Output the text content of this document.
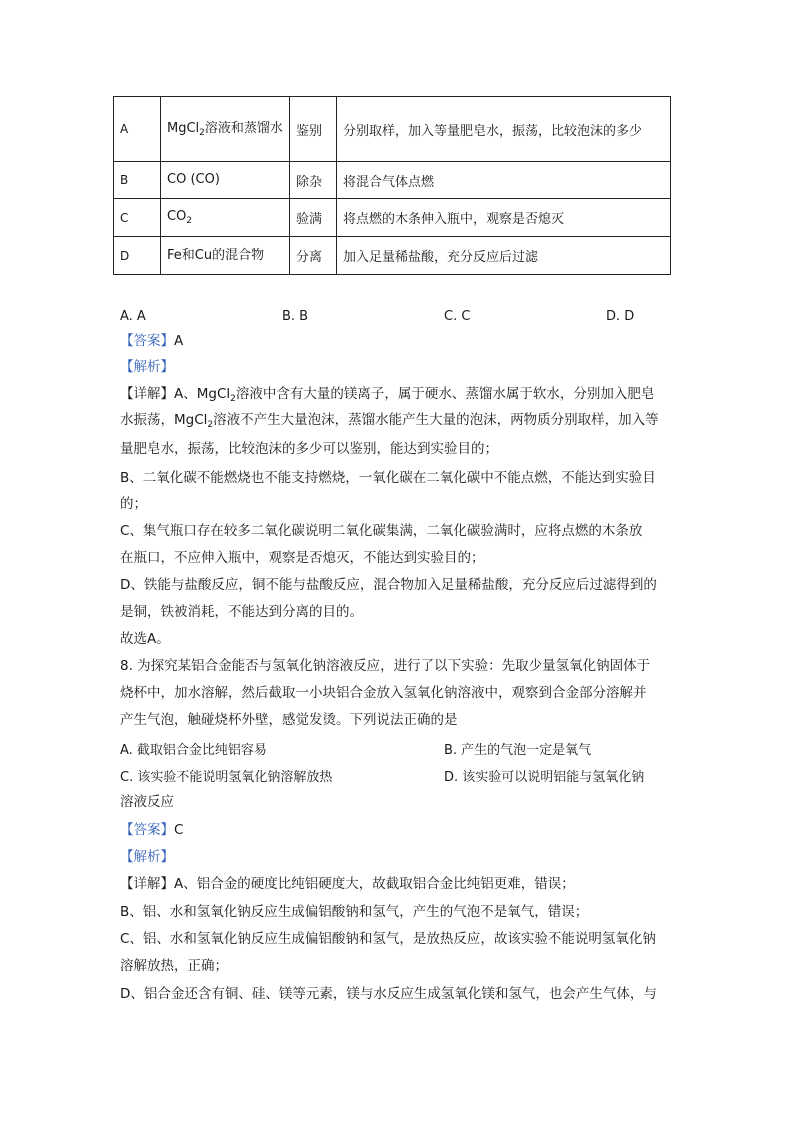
A	MgCl$_2$溶液和蒸馏水	鉴别	分别取样，加入等量肥皂水，振荡，比较泡沫的多少
B	CO (CO)	除杂	将混合气体点燃
C	$CO_2$	验满	将点燃的木条伸入瓶中，观察是否熄灭
D	Fe和Cu的混合物	分离	加入足量稀盐酸，充分反应后过滤
A. A	B. B	C. C	D. D
【答案】A
【解析】
【详解】A、MgCl$_2$溶液中含有大量的镁离子，属于硬水、蒸馏水属于软水，分别加入肥皂
水振荡，MgCl$_2$溶液不产生大量泡沫，蒸馏水能产生大量的泡沫，两物质分别取样，加入等
量肥皂水，振荡，比较泡沫的多少可以鉴别，能达到实验目的；
B、二氧化碳不能燃烧也不能支持燃烧，一氧化碳在二氧化碳中不能点燃，不能达到实验目
的；
C、集气瓶口存在较多二氧化碳说明二氧化碳集满，二氧化碳验满时，应将点燃的木条放
在瓶口，不应伸入瓶中，观察是否熄灭，不能达到实验目的；
D、铁能与盐酸反应，铜不能与盐酸反应，混合物加入足量稀盐酸，充分反应后过滤得到的
是铜，铁被消耗，不能达到分离的目的。
故选A。
8. 为探究某铝合金能否与氢氧化钠溶液反应，进行了以下实验：先取少量氢氧化钠固体于
烧杯中，加水溶解，然后截取一小块铝合金放入氢氧化钠溶液中，观察到合金部分溶解并
产生气泡，触碰烧杯外壁，感觉发烫。下列说法正确的是
A. 截取铝合金比纯铝容易	B. 产生的气泡一定是氧气
C. 该实验不能说明氢氧化钠溶解放热	D. 该实验可以说明铝能与氢氧化钠
溶液反应
【答案】C
【解析】
【详解】A、铝合金的硬度比纯铝硬度大，故截取铝合金比纯铝更难，错误；
B、铝、水和氢氧化钠反应生成偏铝酸钠和氢气，产生的气泡不是氧气，错误；
C、铝、水和氢氧化钠反应生成偏铝酸钠和氢气，是放热反应，故该实验不能说明氢氧化钠
溶解放热，正确；
D、铝合金还含有铜、硅、镁等元素，镁与水反应生成氢氧化镁和氢气，也会产生气体，与
